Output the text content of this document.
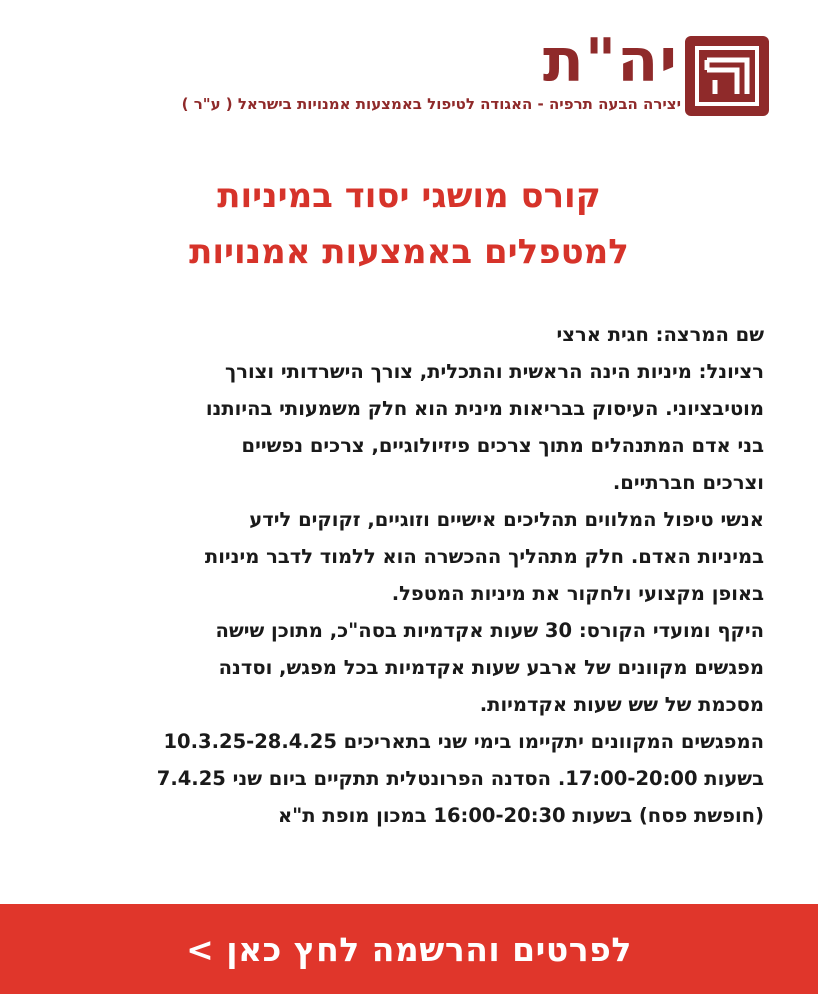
יה"ת
יצירה הבעה תרפיה - האגודה לטיפול באמצעות אמנויות בישראל ( ע"ר )
קורס מושגי יסוד במיניות
למטפלים באמצעות אמנויות
שם המרצה: חגית ארצי
רציונל: מיניות הינה הראשית והתכלית, צורך הישרדותי וצורך
מוטיבציוני. העיסוק בבריאות מינית הוא חלק משמעותי בהיותנו
בני אדם המתנהלים מתוך צרכים פיזיולוגיים, צרכים נפשיים
וצרכים חברתיים.
אנשי טיפול המלווים תהליכים אישיים וזוגיים, זקוקים לידע
במיניות האדם. חלק מתהליך ההכשרה הוא ללמוד לדבר מיניות
באופן מקצועי ולחקור את מיניות המטפל.
היקף ומועדי הקורס: 30 שעות אקדמיות בסה"כ, מתוכן שישה
מפגשים מקוונים של ארבע שעות אקדמיות בכל מפגש, וסדנה
מסכמת של שש שעות אקדמיות.
המפגשים המקוונים יתקיימו בימי שני בתאריכים 10.3.25-28.4.25
בשעות 17:00-20:00. הסדנה הפרונטלית תתקיים ביום שני 7.4.25
(חופשת פסח) בשעות 16:00-20:30 במכון מופת ת"א
לפרטים והרשמה לחץ כאן >
